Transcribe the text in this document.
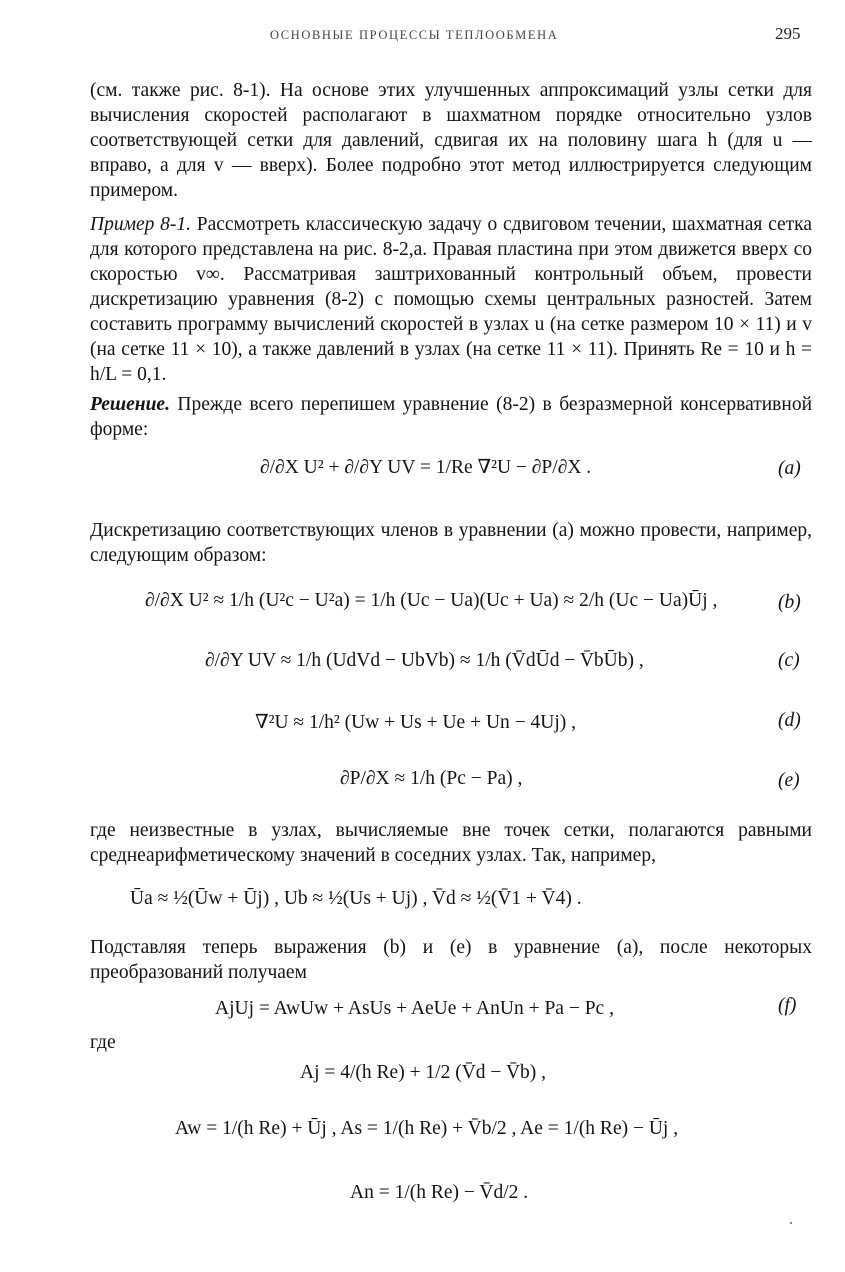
ОСНОВНЫЕ ПРОЦЕССЫ ТЕПЛООБМЕНА	295
(см. также рис. 8-1). На основе этих улучшенных аппроксимаций узлы сетки для вычисления скоростей располагают в шахматном порядке относительно узлов соответствующей сетки для давлений, сдвигая их на половину шага h (для u — вправо, а для v — вверх). Более подробно этот метод иллюстрируется следующим примером.
Пример 8-1. Рассмотреть классическую задачу о сдвиговом течении, шахматная сетка для которого представлена на рис. 8-2,а. Правая пластина при этом движется вверх со скоростью v∞. Рассматривая заштрихованный контрольный объем, провести дискретизацию уравнения (8-2) с помощью схемы центральных разностей. Затем составить программу вычислений скоростей в узлах u (на сетке размером 10 × 11) и v (на сетке 11 × 10), а также давлений в узлах (на сетке 11 × 11). Принять Re = 10 и h = h/L = 0,1.
Решение. Прежде всего перепишем уравнение (8-2) в безразмерной консервативной форме:
∂/∂X U² + ∂/∂Y UV = 1/Re ∇²U − ∂P/∂X .	(a)
Дискретизацию соответствующих членов в уравнении (a) можно провести, например, следующим образом:
∂/∂X U² ≈ 1/h (U²c − U²a) = 1/h (Uc − Ua)(Uc + Ua) ≈ 2/h (Uc − Ua)Ūj ,	(b)
∂/∂Y UV ≈ 1/h (UdVd − UbVb) ≈ 1/h (V̄dŪd − V̄bŪb) ,	(c)
∇²U ≈ 1/h² (Uw + Us + Ue + Un − 4Uj) ,	(d)
∂P/∂X ≈ 1/h (Pc − Pa) ,	(e)
где неизвестные в узлах, вычисляемые вне точек сетки, полагаются равными среднеарифметическому значений в соседних узлах. Так, например,
Ūa ≈ ½(Ūw + Ūj) , Ub ≈ ½(Us + Uj) , V̄d ≈ ½(V̄1 + V̄4) .
Подставляя теперь выражения (b) и (e) в уравнение (a), после некоторых преобразований получаем
AjUj = AwUw + AsUs + AeUe + AnUn + Pa − Pc ,	(f)
где
Aj = 4/(h Re) + 1/2 (V̄d − V̄b) ,
Aw = 1/(h Re) + Ūj , As = 1/(h Re) + V̄b/2 , Ae = 1/(h Re) − Ūj ,
An = 1/(h Re) − V̄d/2 .
